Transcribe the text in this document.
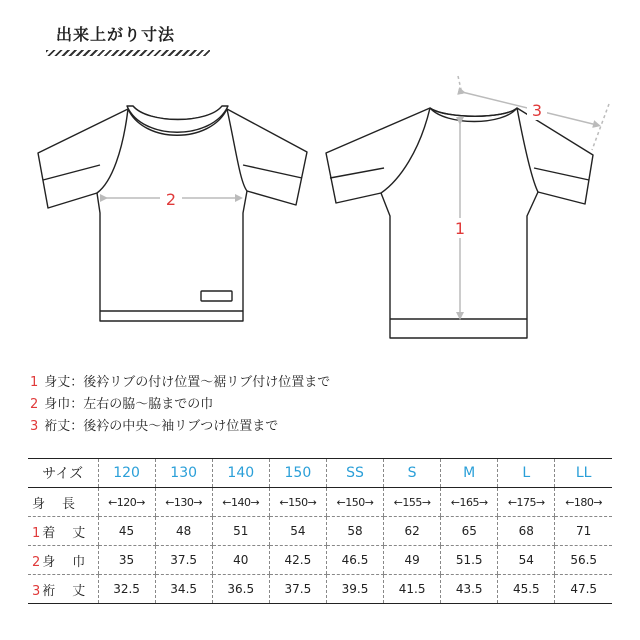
出来上がり寸法
2
1
3
1 身丈：後衿リブの付け位置〜裾リブ付け位置まで
2 身巾：左右の脇〜脇までの巾
3 裄丈：後衿の中央〜袖リブつけ位置まで
サイズ	120	130	140	150	SS	S	M	L	LL
身　長	←120→	←130→	←140→	←150→	←150→	←155→	←165→	←175→	←180→
1 着　丈	45	48	51	54	58	62	65	68	71
2 身　巾	35	37.5	40	42.5	46.5	49	51.5	54	56.5
3 裄　丈	32.5	34.5	36.5	37.5	39.5	41.5	43.5	45.5	47.5
